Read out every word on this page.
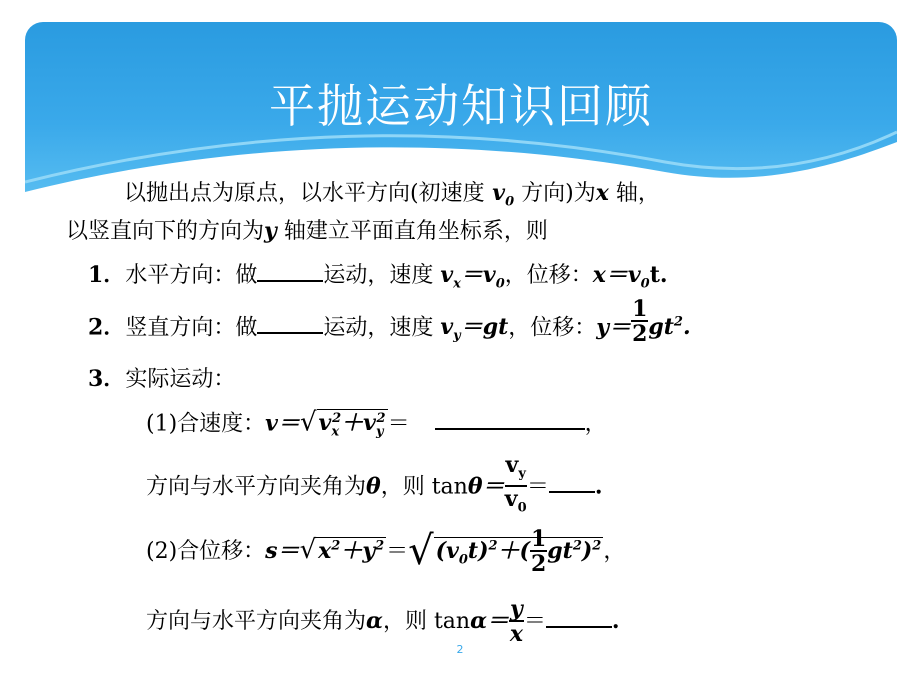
平抛运动知识回顾
以抛出点为原点，以水平方向(初速度 $v_0$ 方向)为x 轴，
以竖直向下的方向为y 轴建立平面直角坐标系，则
1．水平方向：做	运动，速度 $v_x=v_0$，位移：$x=v_0t$.
2．竖直方向：做	运动，速度 $v_y=gt$，位移：$y= \frac{1}{2} gt^2$.
3．实际运动：
(1)合速度：$v=√v_x^2+v_y^2=$	，
方向与水平方向夹角为θ，则 $\tan\theta= \frac{v_y}{v_0}$ ＝ .
(2)合位移：$s=√x^2+y^2=√(v_0t)^2+( \frac{1}{2} gt^2)^2$，
方向与水平方向夹角为α，则 $\tan\alpha= \frac{y}{x}$ ＝	.
2
